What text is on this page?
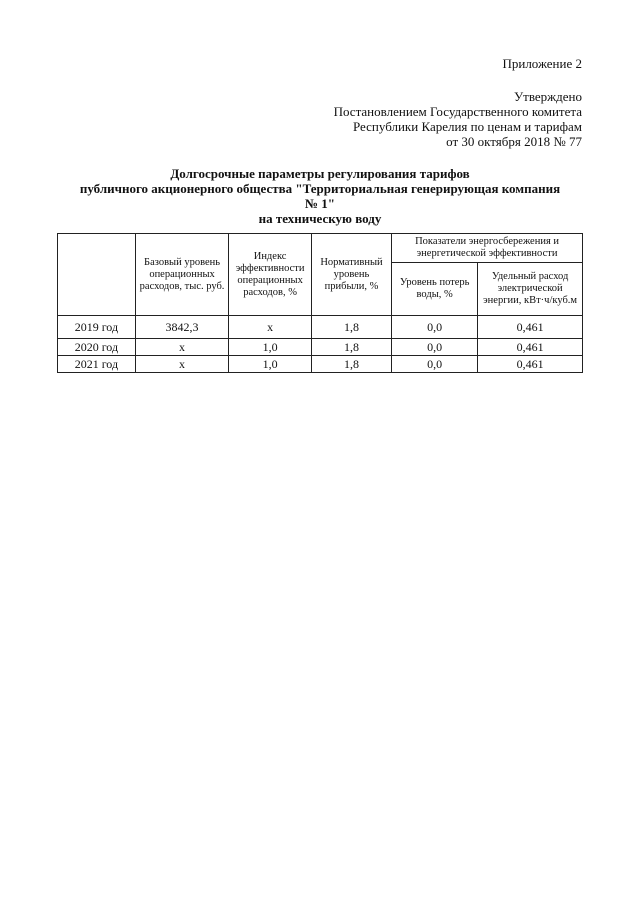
Приложение 2
Утверждено
Постановлением Государственного комитета
Республики Карелия по ценам и тарифам
от 30 октября 2018 № 77
Долгосрочные параметры регулирования тарифов
публичного акционерного общества "Территориальная генерирующая компания
№ 1"
на техническую воду
	Базовый уровень операционных расходов, тыс. руб.	Индекс эффективности операционных расходов, %	Нормативный уровень прибыли, %	Показатели энергосбережения и энергетической эффективности	
				Уровень потерь воды, %	Удельный расход электрической энергии, кВт·ч/куб.м
2019 год	3842,3	х	1,8	0,0	0,461
2020 год	х	1,0	1,8	0,0	0,461
2021 год	х	1,0	1,8	0,0	0,461
